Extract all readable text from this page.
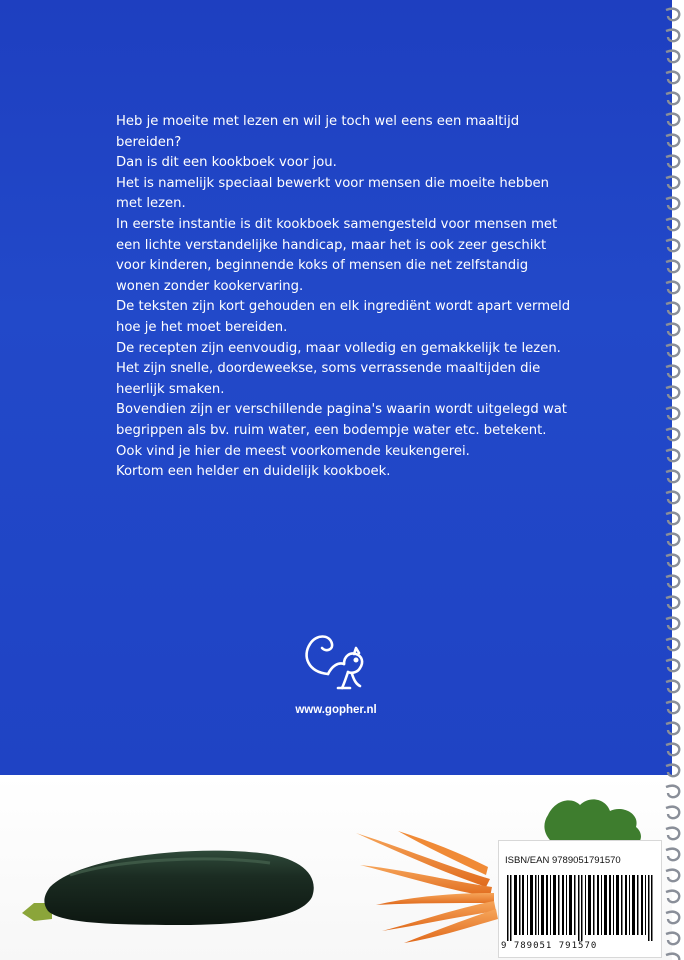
Heb je moeite met lezen en wil je toch wel eens een maaltijd bereiden?

Dan is dit een kookboek voor jou.

Het is namelijk speciaal bewerkt voor mensen die moeite hebben met lezen.

In eerste instantie is dit kookboek samengesteld voor mensen met een lichte verstandelijke handicap, maar het is ook zeer geschikt voor kinderen, beginnende koks of mensen die net zelfstandig wonen zonder kookervaring.

De teksten zijn kort gehouden en elk ingrediënt wordt apart vermeld hoe je het moet bereiden.

De recepten zijn eenvoudig, maar volledig en gemakkelijk te lezen.

Het zijn snelle, doordeweekse, soms verrassende maaltijden die heerlijk smaken.

Bovendien zijn er verschillende pagina's waarin wordt uitgelegd wat begrippen als bv. ruim water, een bodempje water etc. betekent.

Ook vind je hier de meest voorkomende keukengerei.

Kortom een helder en duidelijk kookboek.

www.gopher.nl
ISBN/EAN 9789051791570
9 789051 791570
